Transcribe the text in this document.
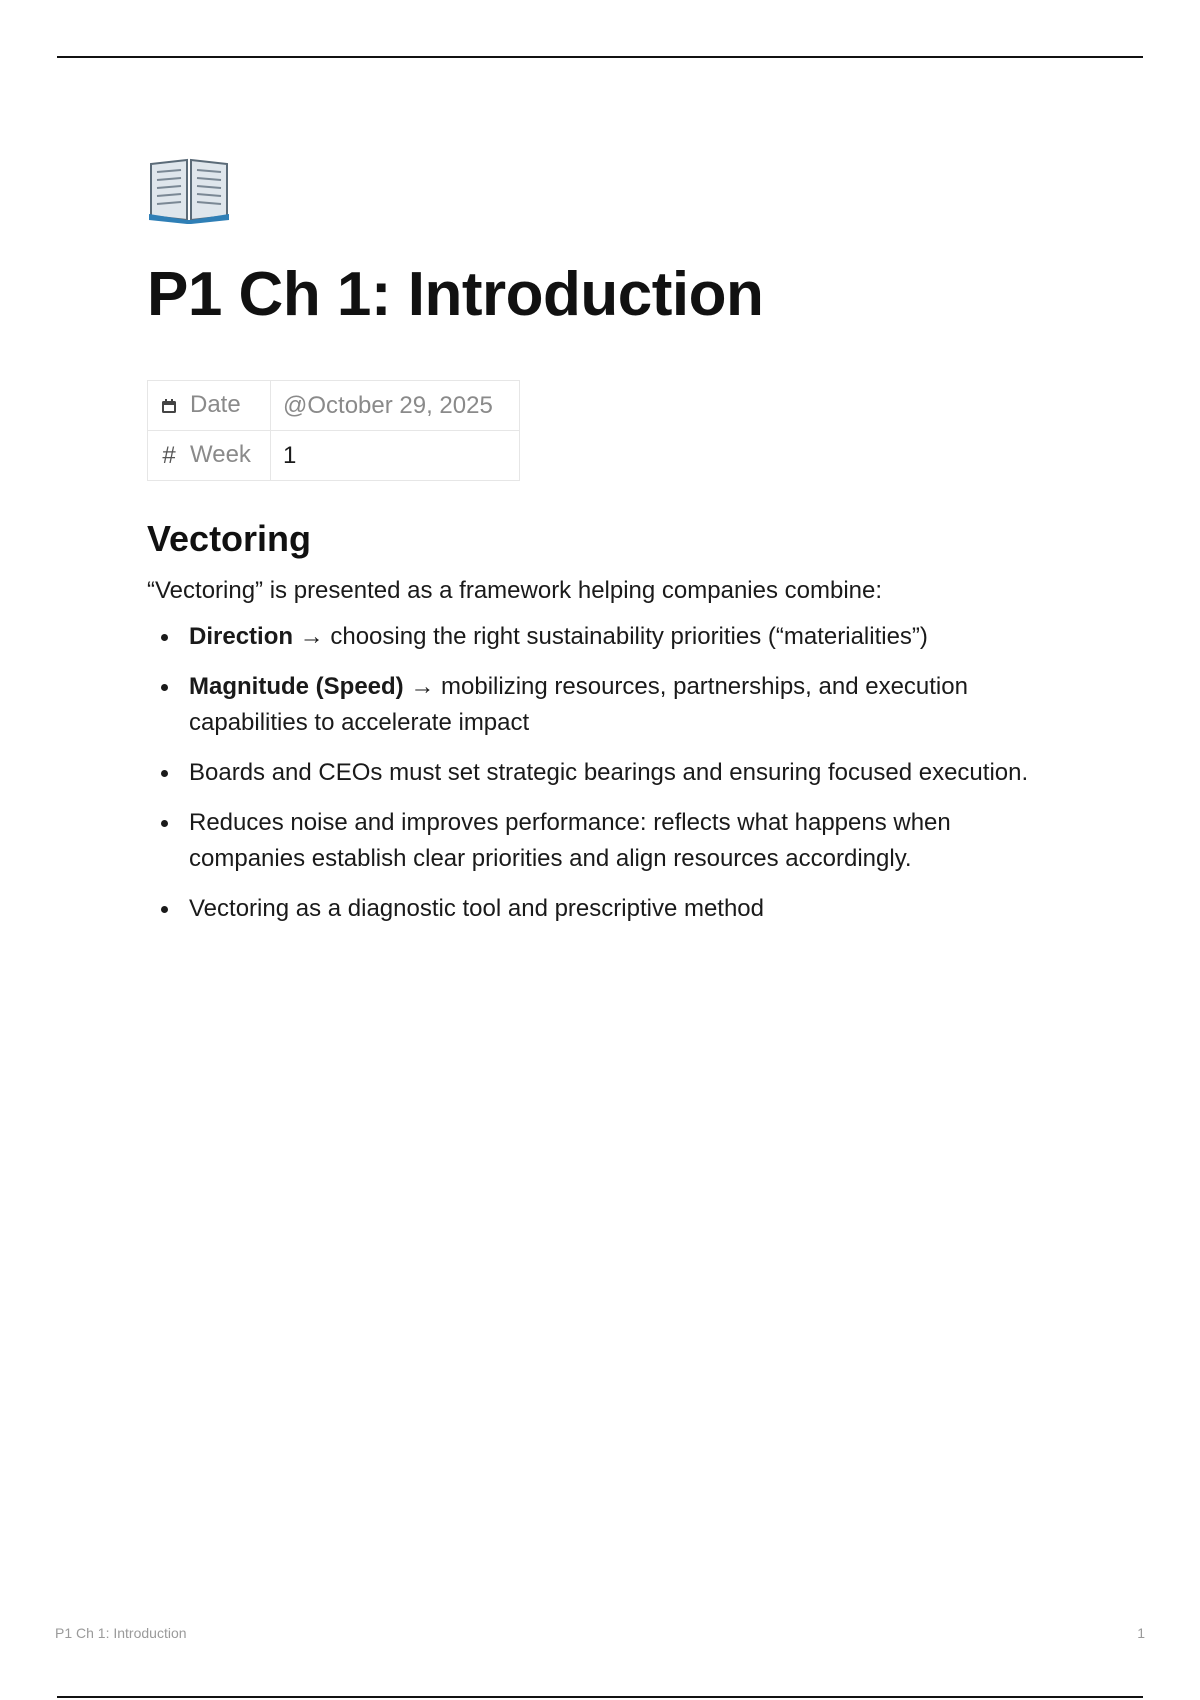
P1 Ch 1: Introduction
Date	@October 29, 2025
# Week	1
Vectoring

“Vectoring” is presented as a framework helping companies combine:

Direction → choosing the right sustainability priorities (“materialities”)
Magnitude (Speed) → mobilizing resources, partnerships, and execution capabilities to accelerate impact
Boards and CEOs must set strategic bearings and ensuring focused execution.
Reduces noise and improves performance: reflects what happens when companies establish clear priorities and align resources accordingly.
Vectoring as a diagnostic tool and prescriptive method
P1 Ch 1: Introduction	1
